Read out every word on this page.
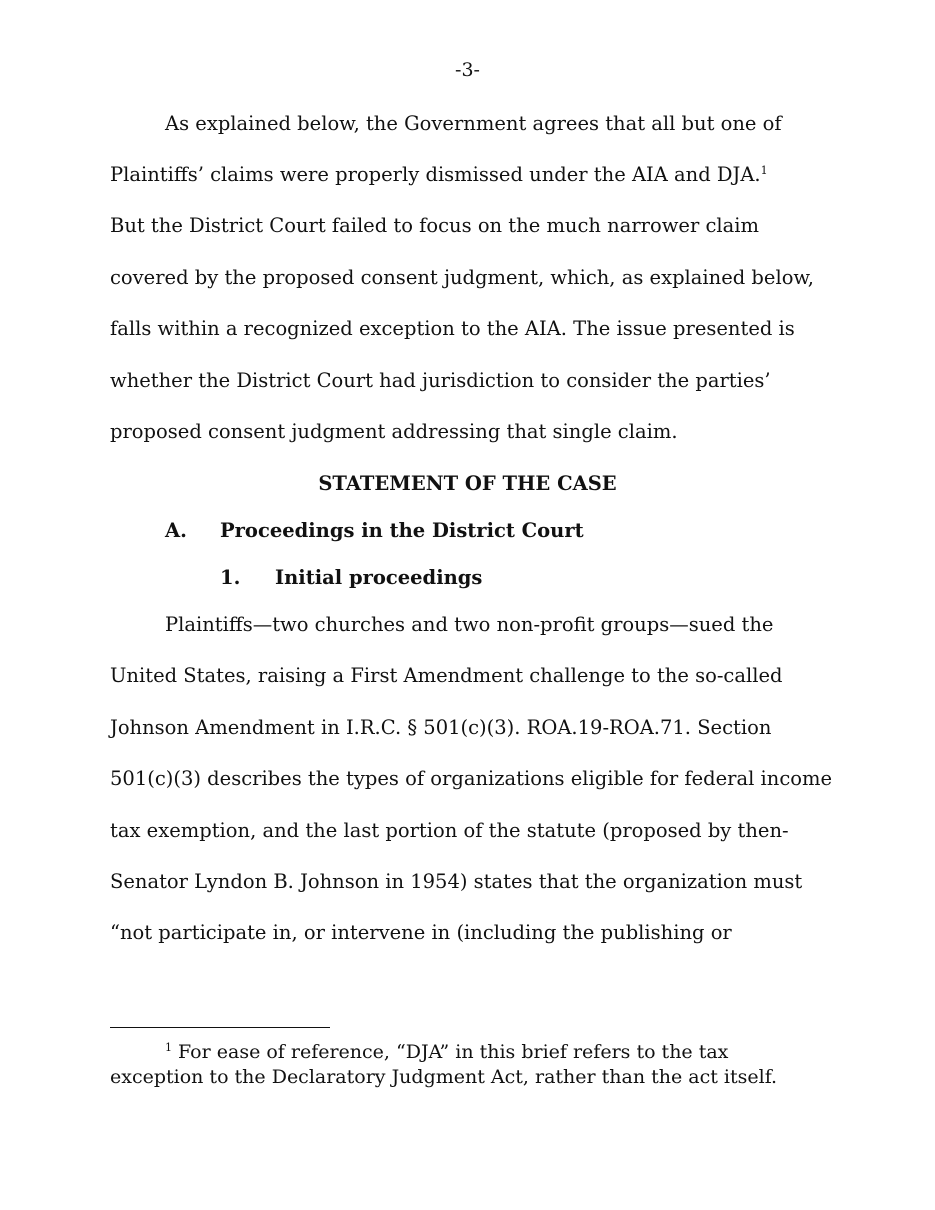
-3-
As explained below, the Government agrees that all but one of
Plaintiffs’ claims were properly dismissed under the AIA and DJA.$^1$
But the District Court failed to focus on the much narrower claim
covered by the proposed consent judgment, which, as explained below,
falls within a recognized exception to the AIA. The issue presented is
whether the District Court had jurisdiction to consider the parties’
proposed consent judgment addressing that single claim.
STATEMENT OF THE CASE
A. Proceedings in the District Court
1. Initial proceedings
Plaintiffs—two churches and two non-profit groups—sued the
United States, raising a First Amendment challenge to the so-called
Johnson Amendment in I.R.C. § 501(c)(3). ROA.19-ROA.71. Section
501(c)(3) describes the types of organizations eligible for federal income
tax exemption, and the last portion of the statute (proposed by then-
Senator Lyndon B. Johnson in 1954) states that the organization must
“not participate in, or intervene in (including the publishing or
$^1$ For ease of reference, “DJA” in this brief refers to the tax
exception to the Declaratory Judgment Act, rather than the act itself.
